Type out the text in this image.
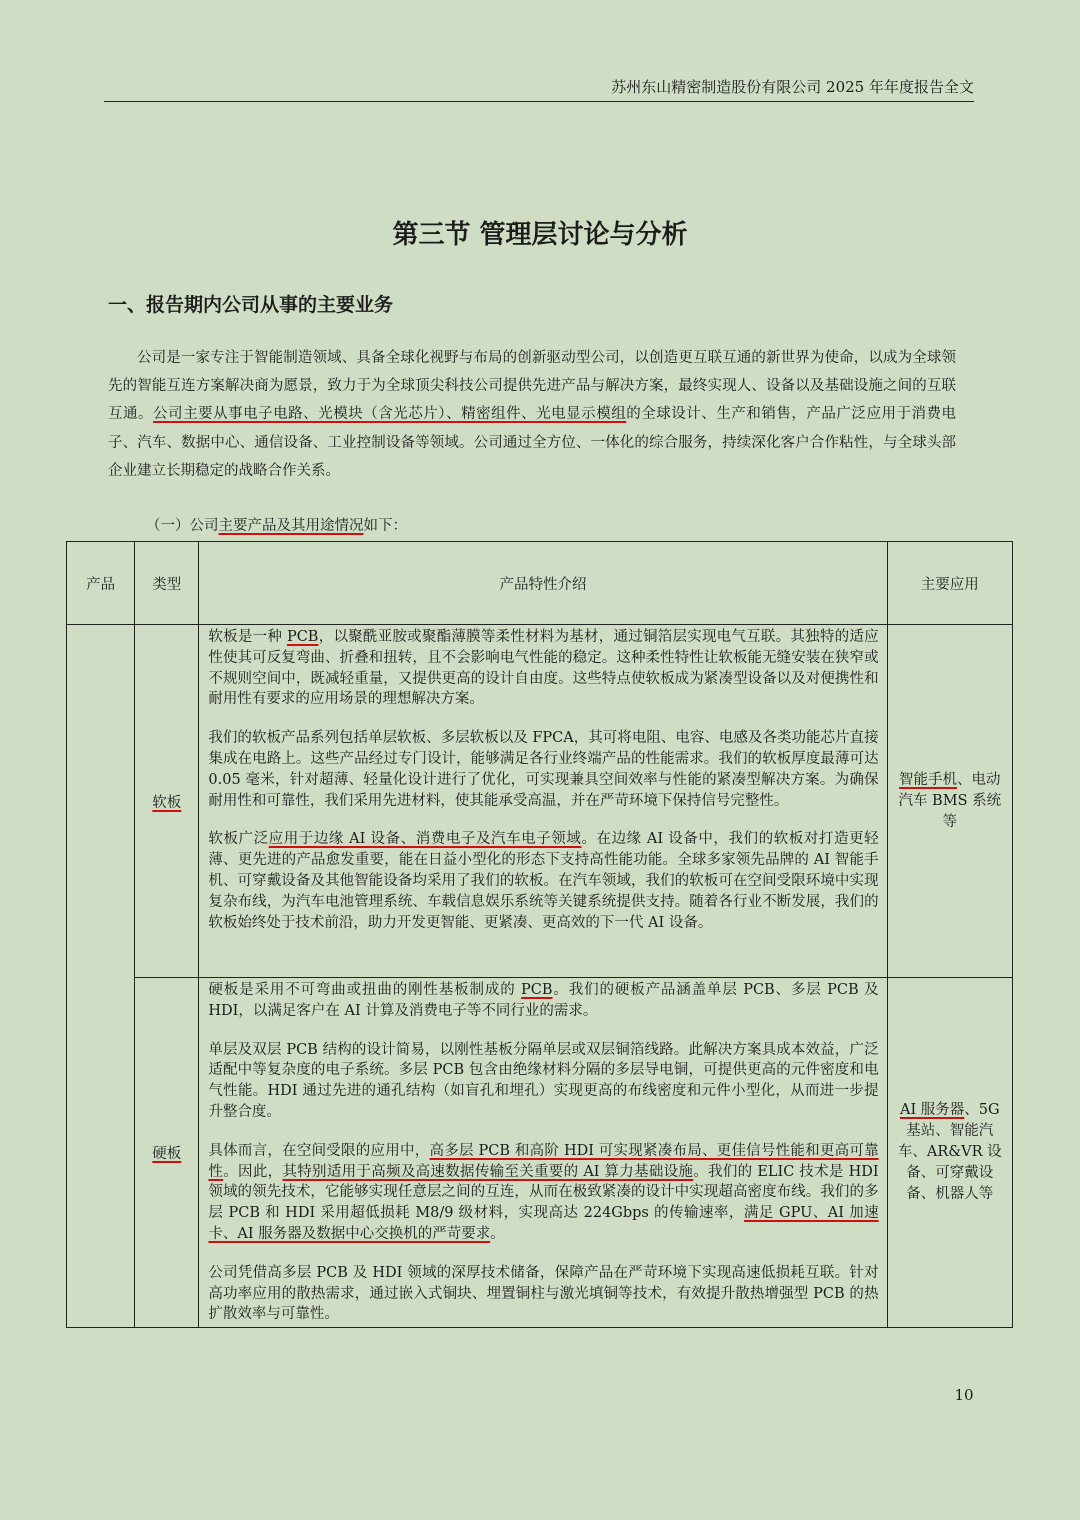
苏州东山精密制造股份有限公司 2025 年年度报告全文
第三节 管理层讨论与分析
一、报告期内公司从事的主要业务

公司是一家专注于智能制造领域、具备全球化视野与布局的创新驱动型公司，以创造更互联互通的新世界为使命，以成为全球领先的智能互连方案解决商为愿景，致力于为全球顶尖科技公司提供先进产品与解决方案，最终实现人、设备以及基础设施之间的互联互通。公司主要从事电子电路、光模块（含光芯片）、精密组件、光电显示模组的全球设计、生产和销售，产品广泛应用于消费电子、汽车、数据中心、通信设备、工业控制设备等领域。公司通过全方位、一体化的综合服务，持续深化客户合作粘性，与全球头部企业建立长期稳定的战略合作关系。

（一）公司主要产品及其用途情况如下：
产品	类型	产品特性介绍	主要应用
	软板	软板是一种 PCB，以聚酰亚胺或聚酯薄膜等柔性材料为基材，通过铜箔层实现电气互联。其独特的适应性使其可反复弯曲、折叠和扭转，且不会影响电气性能的稳定。这种柔性特性让软板能无缝安装在狭窄或不规则空间中，既减轻重量，又提供更高的设计自由度。这些特点使软板成为紧凑型设备以及对便携性和耐用性有要求的应用场景的理想解决方案。

我们的软板产品系列包括单层软板、多层软板以及 FPCA，其可将电阻、电容、电感及各类功能芯片直接集成在电路上。这些产品经过专门设计，能够满足各行业终端产品的性能需求。我们的软板厚度最薄可达 0.05 毫米，针对超薄、轻量化设计进行了优化，可实现兼具空间效率与性能的紧凑型解决方案。为确保耐用性和可靠性，我们采用先进材料，使其能承受高温，并在严苛环境下保持信号完整性。

软板广泛应用于边缘 AI 设备、消费电子及汽车电子领域。在边缘 AI 设备中，我们的软板对打造更轻薄、更先进的产品愈发重要，能在日益小型化的形态下支持高性能功能。全球多家领先品牌的 AI 智能手机、可穿戴设备及其他智能设备均采用了我们的软板。在汽车领域，我们的软板可在空间受限环境中实现复杂布线，为汽车电池管理系统、车载信息娱乐系统等关键系统提供支持。随着各行业不断发展，我们的软板始终处于技术前沿，助力开发更智能、更紧凑、更高效的下一代 AI 设备。	智能手机、电动汽车 BMS 系统等
	硬板	硬板是采用不可弯曲或扭曲的刚性基板制成的 PCB。我们的硬板产品涵盖单层 PCB、多层 PCB 及 HDI，以满足客户在 AI 计算及消费电子等不同行业的需求。

单层及双层 PCB 结构的设计简易，以刚性基板分隔单层或双层铜箔线路。此解决方案具成本效益，广泛适配中等复杂度的电子系统。多层 PCB 包含由绝缘材料分隔的多层导电铜，可提供更高的元件密度和电气性能。HDI 通过先进的通孔结构（如盲孔和埋孔）实现更高的布线密度和元件小型化，从而进一步提升整合度。

具体而言，在空间受限的应用中，高多层 PCB 和高阶 HDI 可实现紧凑布局、更佳信号性能和更高可靠性。因此，其特别适用于高频及高速数据传输至关重要的 AI 算力基础设施。我们的 ELIC 技术是 HDI 领域的领先技术，它能够实现任意层之间的互连，从而在极致紧凑的设计中实现超高密度布线。我们的多层 PCB 和 HDI 采用超低损耗 M8/9 级材料，实现高达 224Gbps 的传输速率，满足 GPU、AI 加速卡、AI 服务器及数据中心交换机的严苛要求。

公司凭借高多层 PCB 及 HDI 领域的深厚技术储备，保障产品在严苛环境下实现高速低损耗互联。针对高功率应用的散热需求，通过嵌入式铜块、埋置铜柱与激光填铜等技术，有效提升散热增强型 PCB 的热扩散效率与可靠性。	AI 服务器、5G 基站、智能汽车、AR&VR 设备、可穿戴设备、机器人等
10
